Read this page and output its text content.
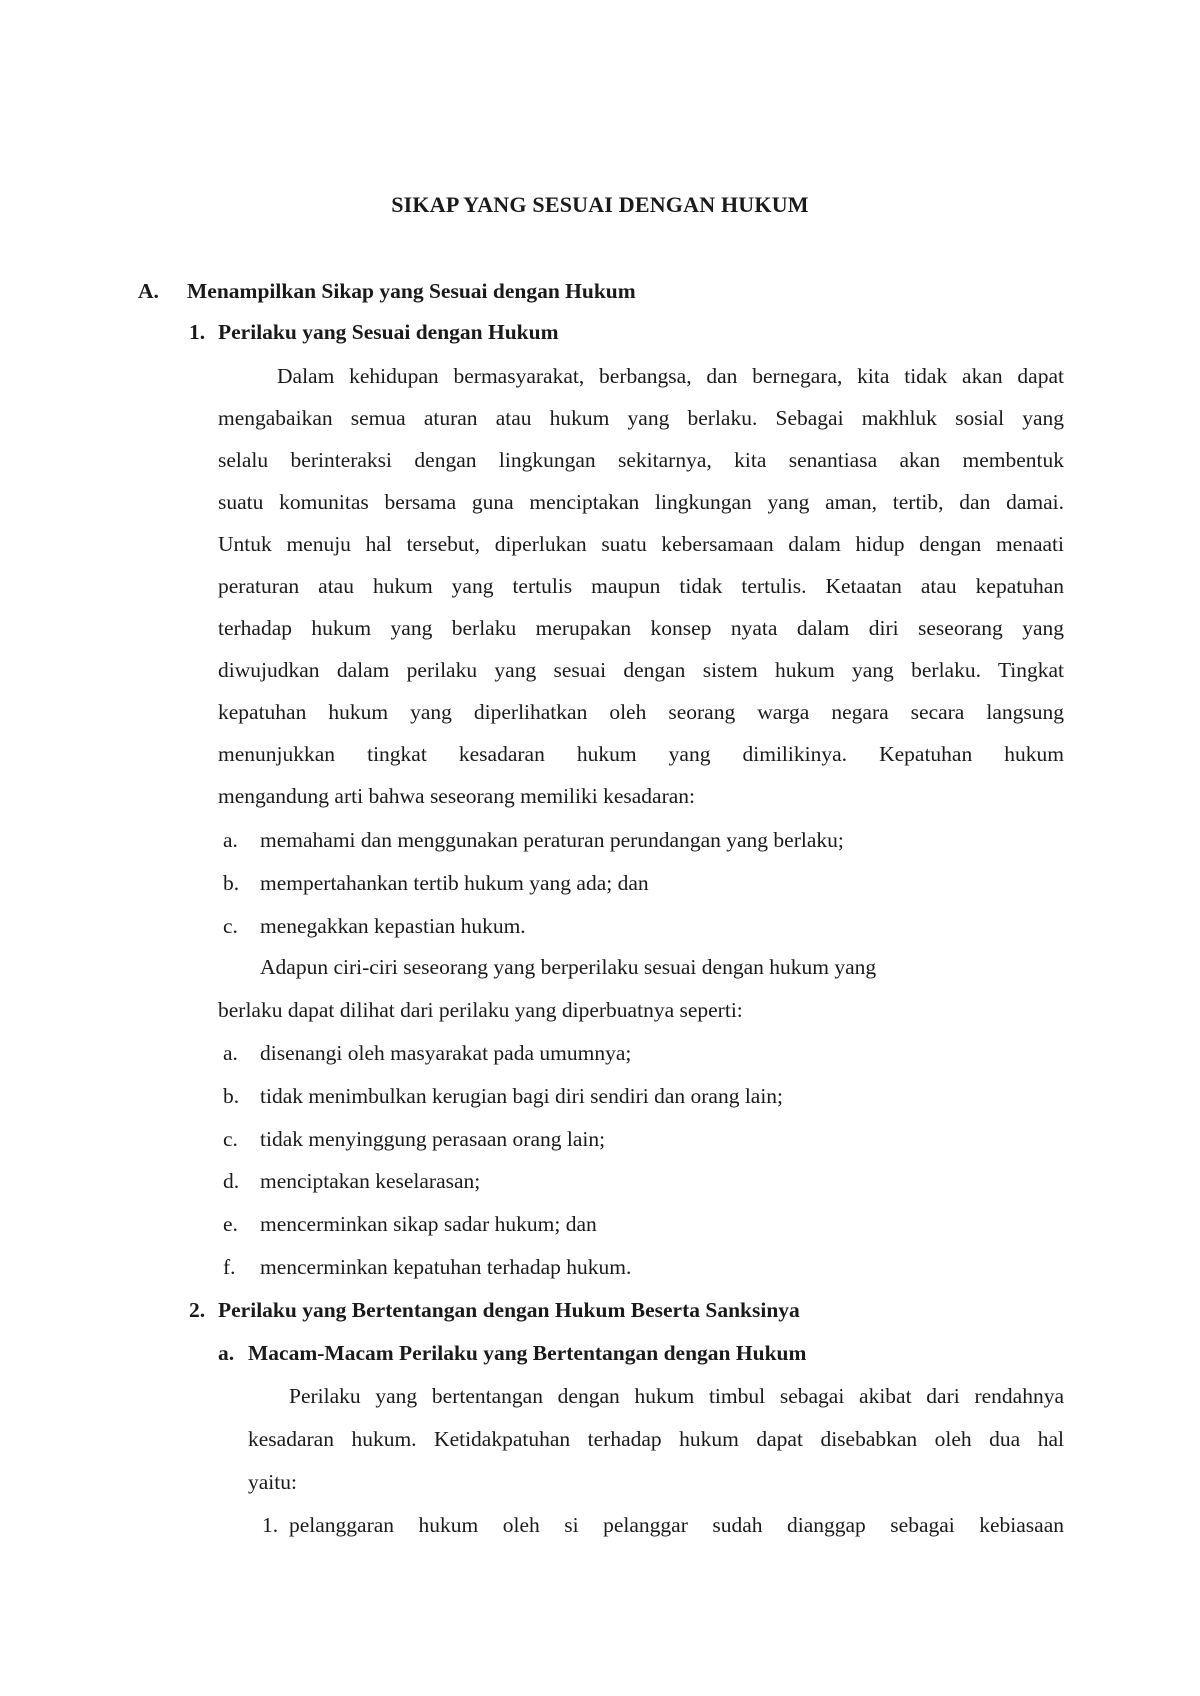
SIKAP YANG SESUAI DENGAN HUKUM
A. Menampilkan Sikap yang Sesuai dengan Hukum
1. Perilaku yang Sesuai dengan Hukum
Dalam kehidupan bermasyarakat, berbangsa, dan bernegara, kita tidak akan dapat
mengabaikan semua aturan atau hukum yang berlaku. Sebagai makhluk sosial yang
selalu berinteraksi dengan lingkungan sekitarnya, kita senantiasa akan membentuk
suatu komunitas bersama guna menciptakan lingkungan yang aman, tertib, dan damai.
Untuk menuju hal tersebut, diperlukan suatu kebersamaan dalam hidup dengan menaati
peraturan atau hukum yang tertulis maupun tidak tertulis. Ketaatan atau kepatuhan
terhadap hukum yang berlaku merupakan konsep nyata dalam diri seseorang yang
diwujudkan dalam perilaku yang sesuai dengan sistem hukum yang berlaku. Tingkat
kepatuhan hukum yang diperlihatkan oleh seorang warga negara secara langsung
menunjukkan tingkat kesadaran hukum yang dimilikinya. Kepatuhan hukum
mengandung arti bahwa seseorang memiliki kesadaran:
a. memahami dan menggunakan peraturan perundangan yang berlaku;
b. mempertahankan tertib hukum yang ada; dan
c. menegakkan kepastian hukum.
Adapun ciri-ciri seseorang yang berperilaku sesuai dengan hukum yang
berlaku dapat dilihat dari perilaku yang diperbuatnya seperti:
a. disenangi oleh masyarakat pada umumnya;
b. tidak menimbulkan kerugian bagi diri sendiri dan orang lain;
c. tidak menyinggung perasaan orang lain;
d. menciptakan keselarasan;
e. mencerminkan sikap sadar hukum; dan
f. mencerminkan kepatuhan terhadap hukum.
2. Perilaku yang Bertentangan dengan Hukum Beserta Sanksinya
a. Macam-Macam Perilaku yang Bertentangan dengan Hukum
Perilaku yang bertentangan dengan hukum timbul sebagai akibat dari rendahnya
kesadaran hukum. Ketidakpatuhan terhadap hukum dapat disebabkan oleh dua hal
yaitu:
1. pelanggaran hukum oleh si pelanggar sudah dianggap sebagai kebiasaan
